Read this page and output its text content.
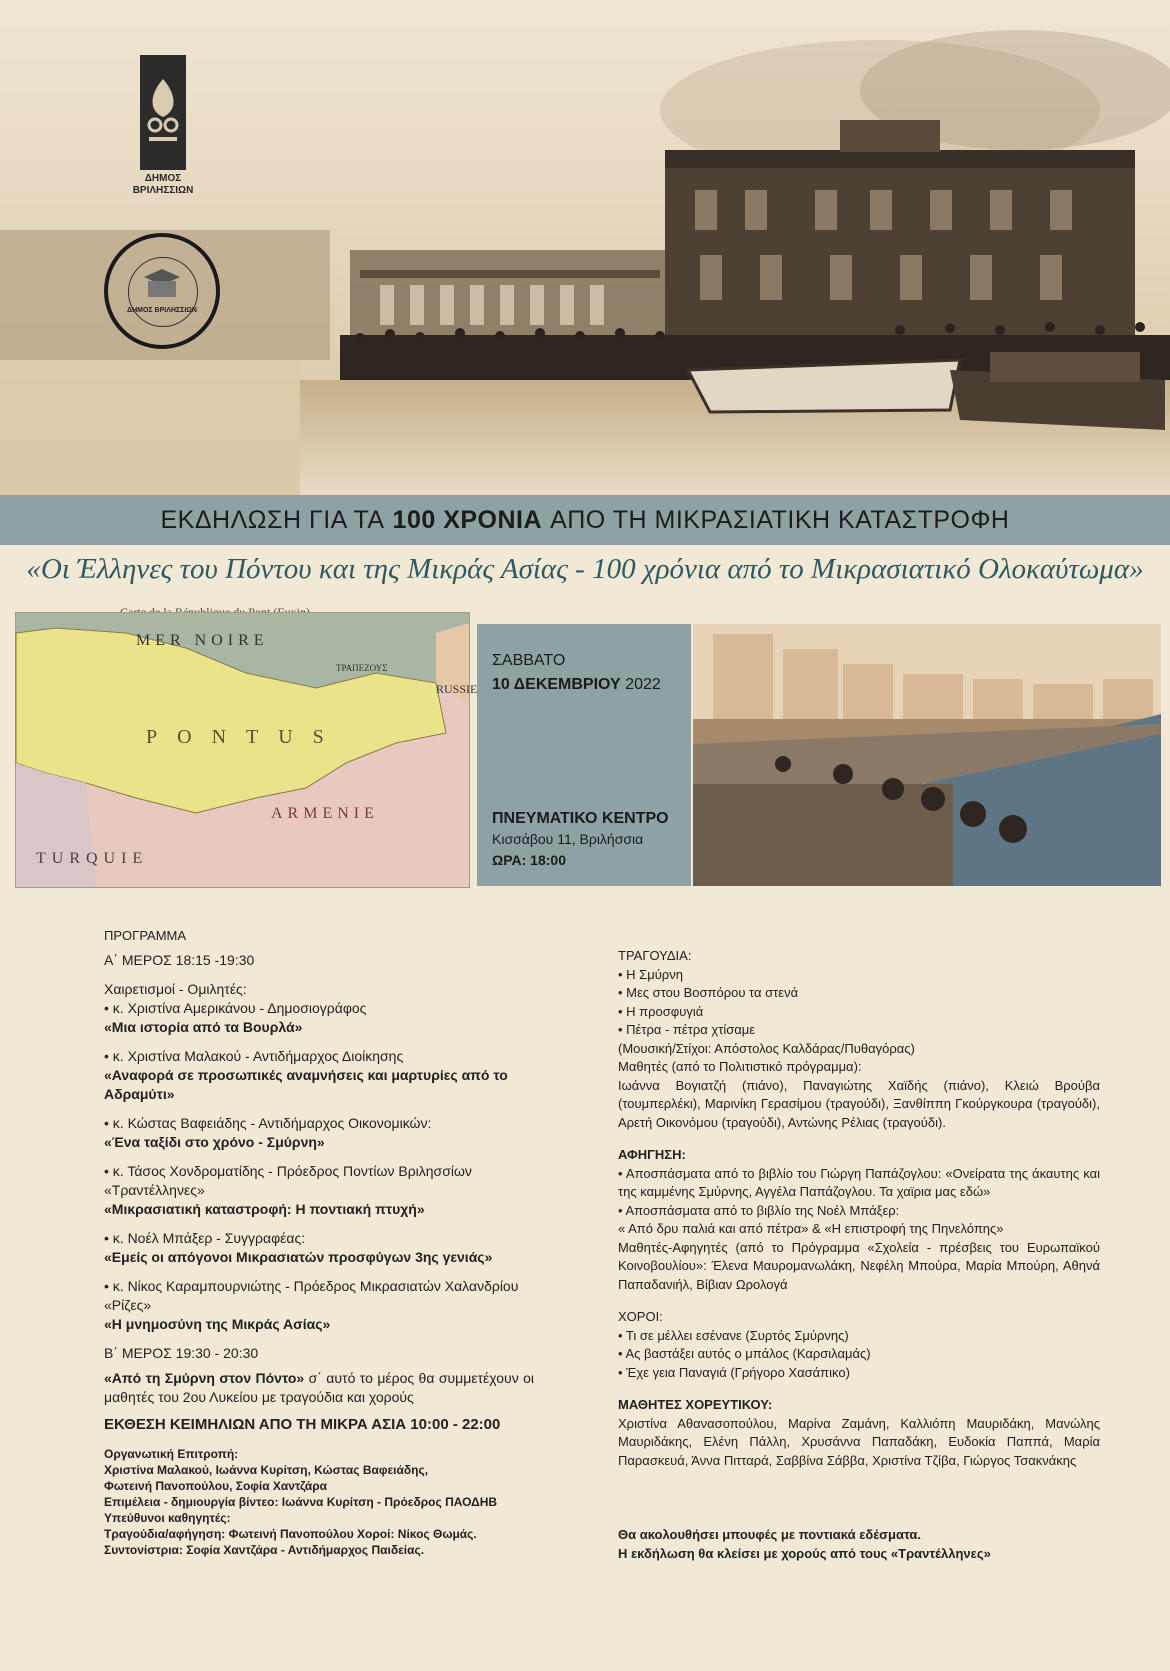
ΔΗΜΟΣ ΒΡΙΛΗΣΣΙΩΝ
ΔΗΜΟΣ ΒΡΙΛΗΣΣΙΩΝ
ΕΚΔΗΛΩΣΗ ΓΙΑ ΤΑ 100 ΧΡΟΝΙΑ ΑΠΟ ΤΗ ΜΙΚΡΑΣΙΑΤΙΚΗ ΚΑΤΑΣΤΡΟΦΗ
«Οι Έλληνες του Πόντου και της Μικράς Ασίας - 100 χρόνια από το Μικρασιατικό Ολοκαύτωμα»
MER NOIRE
PONTUS
RUSSIE
ARMENIE
TURQUIE
ΤΡΑΠΕΖΟΥΣ	ΣΑΒΒΑΤΟ
10 ΔΕΚΕΜΒΡΙΟΥ 2022
ΠΝΕΥΜΑΤΙΚΟ ΚΕΝΤΡΟ
Κισσάβου 11, Βριλήσσια
ΩΡΑ: 18:00

ΠΡΟΓΡΑΜΜΑ

Α΄ ΜΕΡΟΣ 18:15 -19:30

Χαιρετισμοί - Ομιλητές:

• κ. Χριστίνα Αμερικάνου - Δημοσιογράφος

«Μια ιστορία από τα Βουρλά»

• κ. Χριστίνα Μαλακού - Αντιδήμαρχος Διοίκησης

«Αναφορά σε προσωπικές αναμνήσεις και μαρτυρίες από το Αδραμύτι»

• κ. Κώστας Βαφειάδης - Αντιδήμαρχος Οικονομικών:

«Ένα ταξίδι στο χρόνο - Σμύρνη»

• κ. Τάσος Χονδροματίδης - Πρόεδρος Ποντίων Βριλησσίων «Τραντέλληνες»

«Μικρασιατική καταστροφή: Η ποντιακή πτυχή»

• κ. Νοέλ Μπάξερ - Συγγραφέας:

«Εμείς οι απόγονοι Μικρασιατών προσφύγων 3ης γενιάς»

• κ. Νίκος Καραμπουρνιώτης - Πρόεδρος Μικρασιατών Χαλανδρίου «Ρίζες»

«Η μνημοσύνη της Μικράς Ασίας»

Β΄ ΜΕΡΟΣ 19:30 - 20:30

«Από τη Σμύρνη στον Πόντο» σ΄ αυτό το μέρος θα συμμετέχουν οι μαθητές του 2ου Λυκείου με τραγούδια και χορούς

ΕΚΘΕΣΗ ΚΕΙΜΗΛΙΩΝ ΑΠΟ ΤΗ ΜΙΚΡΑ ΑΣΙΑ 10:00 - 22:00

Οργανωτική Επιτροπή:

Χριστίνα Μαλακού, Ιωάννα Κυρίτση, Κώστας Βαφειάδης,

Φωτεινή Πανοπούλου, Σοφία Χαντζάρα

Επιμέλεια - δημιουργία βίντεο: Ιωάννα Κυρίτση - Πρόεδρος ΠΑΟΔΗΒ

Υπεύθυνοι καθηγητές:

Τραγούδια/αφήγηση: Φωτεινή Πανοπούλου Χοροί: Νίκος Θωμάς.

Συντονίστρια: Σοφία Χαντζάρα - Αντιδήμαρχος Παιδείας.

ΤΡΑΓΟΥΔΙΑ:

• Η Σμύρνη

• Μες στου Βοσπόρου τα στενά

• Η προσφυγιά

• Πέτρα - πέτρα χτίσαμε

(Μουσική/Στίχοι: Απόστολος Καλδάρας/Πυθαγόρας)

Μαθητές (από το Πολιτιστικό πρόγραμμα):

Ιωάννα Βογιατζή (πιάνο), Παναγιώτης Χαϊδής (πιάνο), Κλειώ Βρούβα (τουμπερλέκι), Μαρινίκη Γερασίμου (τραγούδι), Ξανθίππη Γκούργκουρα (τραγούδι), Αρετή Οικονόμου (τραγούδι), Αντώνης Ρέλιας (τραγούδι).

ΑΦΗΓΗΣΗ:

• Αποσπάσματα από το βιβλίο του Γιώργη Παπάζογλου: «Ονείρατα της άκαυτης και της καμμένης Σμύρνης, Αγγέλα Παπάζογλου. Τα χαϊρια μας εδώ»

• Αποσπάσματα από το βιβλίο της Νοέλ Μπάξερ:

« Από δρυ παλιά και από πέτρα» & «Η επιστροφή της Πηνελόπης»

Μαθητές-Αφηγητές (από το Πρόγραμμα «Σχολεία - πρέσβεις του Ευρωπαϊκού Κοινοβουλίου»: Έλενα Μαυρομανωλάκη, Νεφέλη Μπούρα, Μαρία Μπούρη, Αθηνά Παπαδανιήλ, Βίβιαν Ωρολογά

ΧΟΡΟΙ:

• Τι σε μέλλει εσένανε (Συρτός Σμύρνης)

• Ας βαστάξει αυτός ο μπάλος (Καρσιλαμάς)

• Έχε γεια Παναγιά (Γρήγορο Χασάπικο)

ΜΑΘΗΤΕΣ ΧΟΡΕΥΤΙΚΟΥ:

Χριστίνα Αθανασοπούλου, Μαρίνα Ζαμάνη, Καλλιόπη Μαυριδάκη, Μανώλης Μαυριδάκης, Ελένη Πάλλη, Χρυσάννα Παπαδάκη, Ευδοκία Παππά, Μαρία Παρασκευά, Άννα Πιτταρά, Σαββίνα Σάββα, Χριστίνα Τζίβα, Γιώργος Τσακνάκης

Θα ακολουθήσει μπουφές με ποντιακά εδέσματα.

Η εκδήλωση θα κλείσει με χορούς από τους «Τραντέλληνες»
